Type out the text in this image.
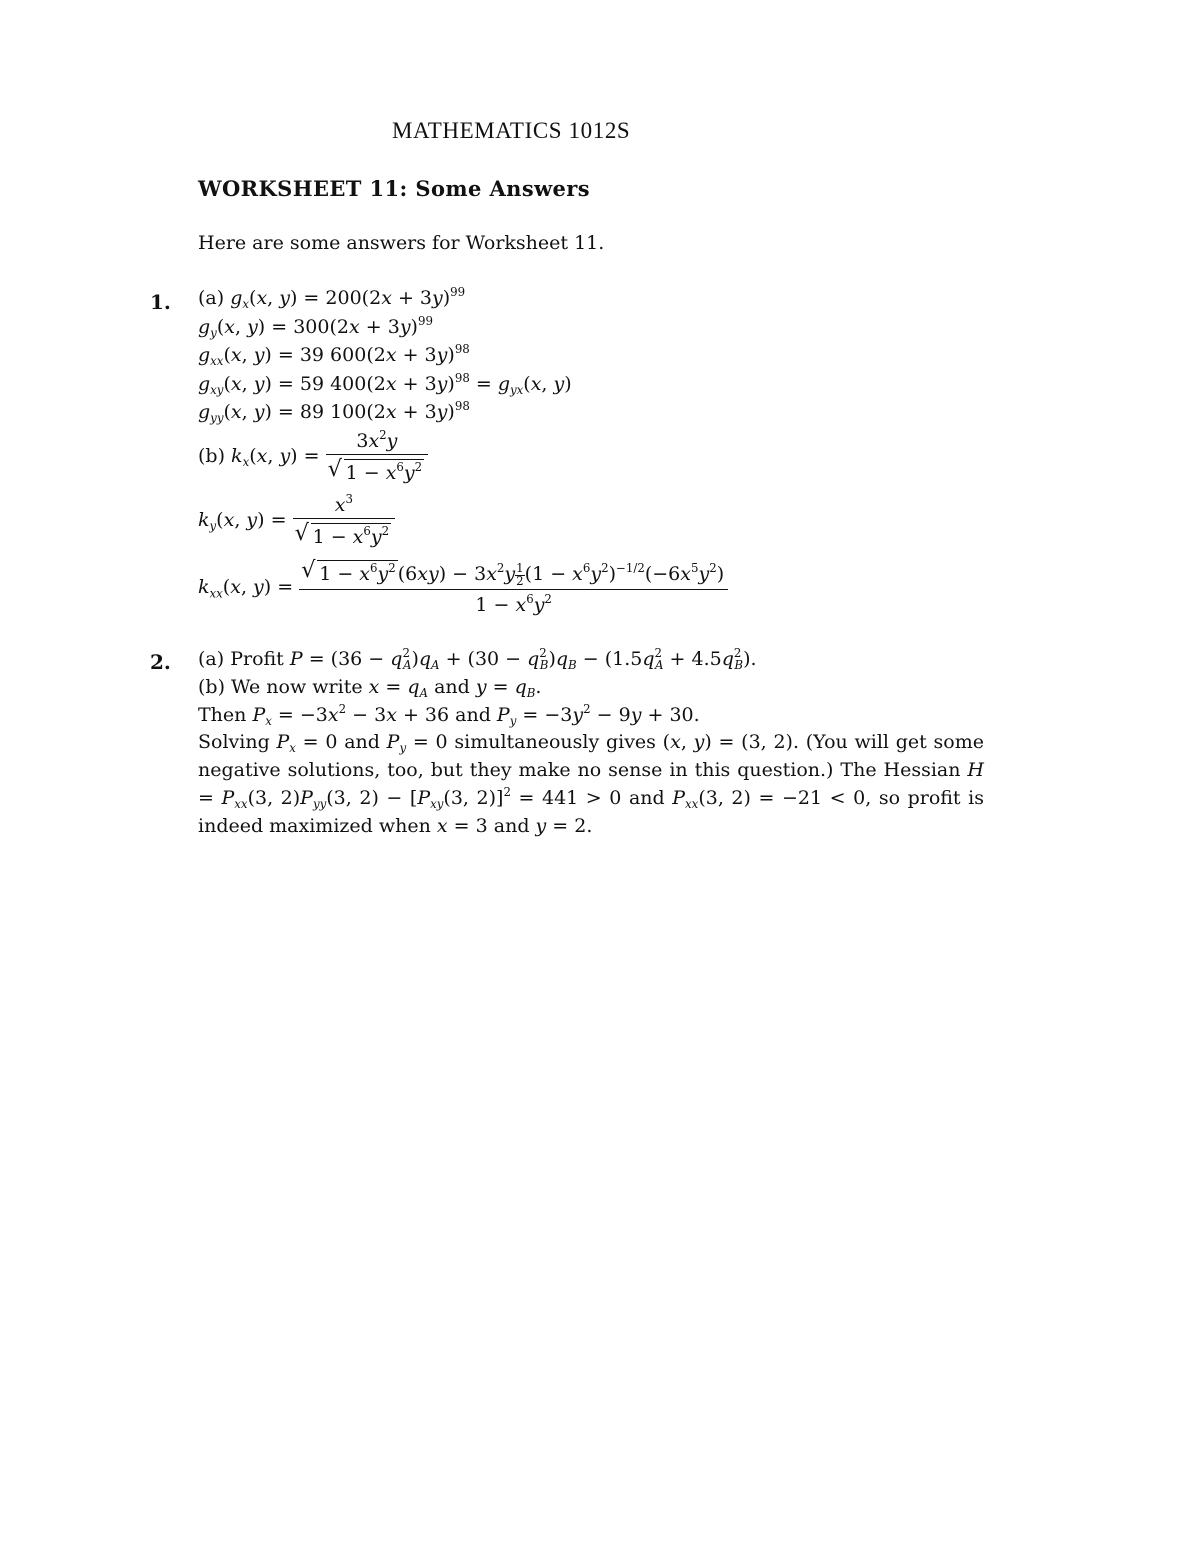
MATHEMATICS 1012S
WORKSHEET 11: Some Answers
Here are some answers for Worksheet 11.
1. (a) $g_x(x$, $y) = 200(2x + 3y)^{99}$
$g_y(x$, $y) = 300(2x + 3y)^{99}$
$g_{xx}(x$, y) = 39 $600(2x + 3y)^{98}$
$g_{xy}(x$, y) = 59 $400(2x + 3y)^{98} = g_{yx}(x$, y)
$g_{yy}(x$, y) = 89 $100(2x + 3y)^{98}$
(b) $k_x(x$, $y) = 3x^2y$
√ $1 - x^6y^2$
$k_y(x$, $y) = x^3$
√ $1 - x^6y^2$
$k_{xx}(x$, y) =
√ $\frac{1 - x^6y^2 (6xy) - 3x^2y \frac{1}{2} (1 - x^6y^2)^{-1/2}(-6x^5y^2)}{1 - x^6y^2}$
2. (a) Profit $P = (36 - q^2_A)q_A + (30 - q^2_B)q_B - (1.5q^2_A + 4.5q^2_B)$.
(b) We now write $x = q_A$ and $y = q_B$.
Then $P_x = -3x^2 - 3x + 36$ and $P_y = -3y^2 - 9y + 30$.
Solving $P_x = 0$ and $P_y = 0$ simultaneously gives (x, y) = (3, 2). (You will get some negative solutions, too, but they make no sense in this question.) The Hessian $H = P_{xx}(3$, $2)P_{yy}(3$, $2) - [P_{xy}(3$, 2)]$^2$ = 441 > 0 and $P_{xx}(3$, 2) = −21 < 0, so profit is indeed maximized when x = 3 and y = 2.
